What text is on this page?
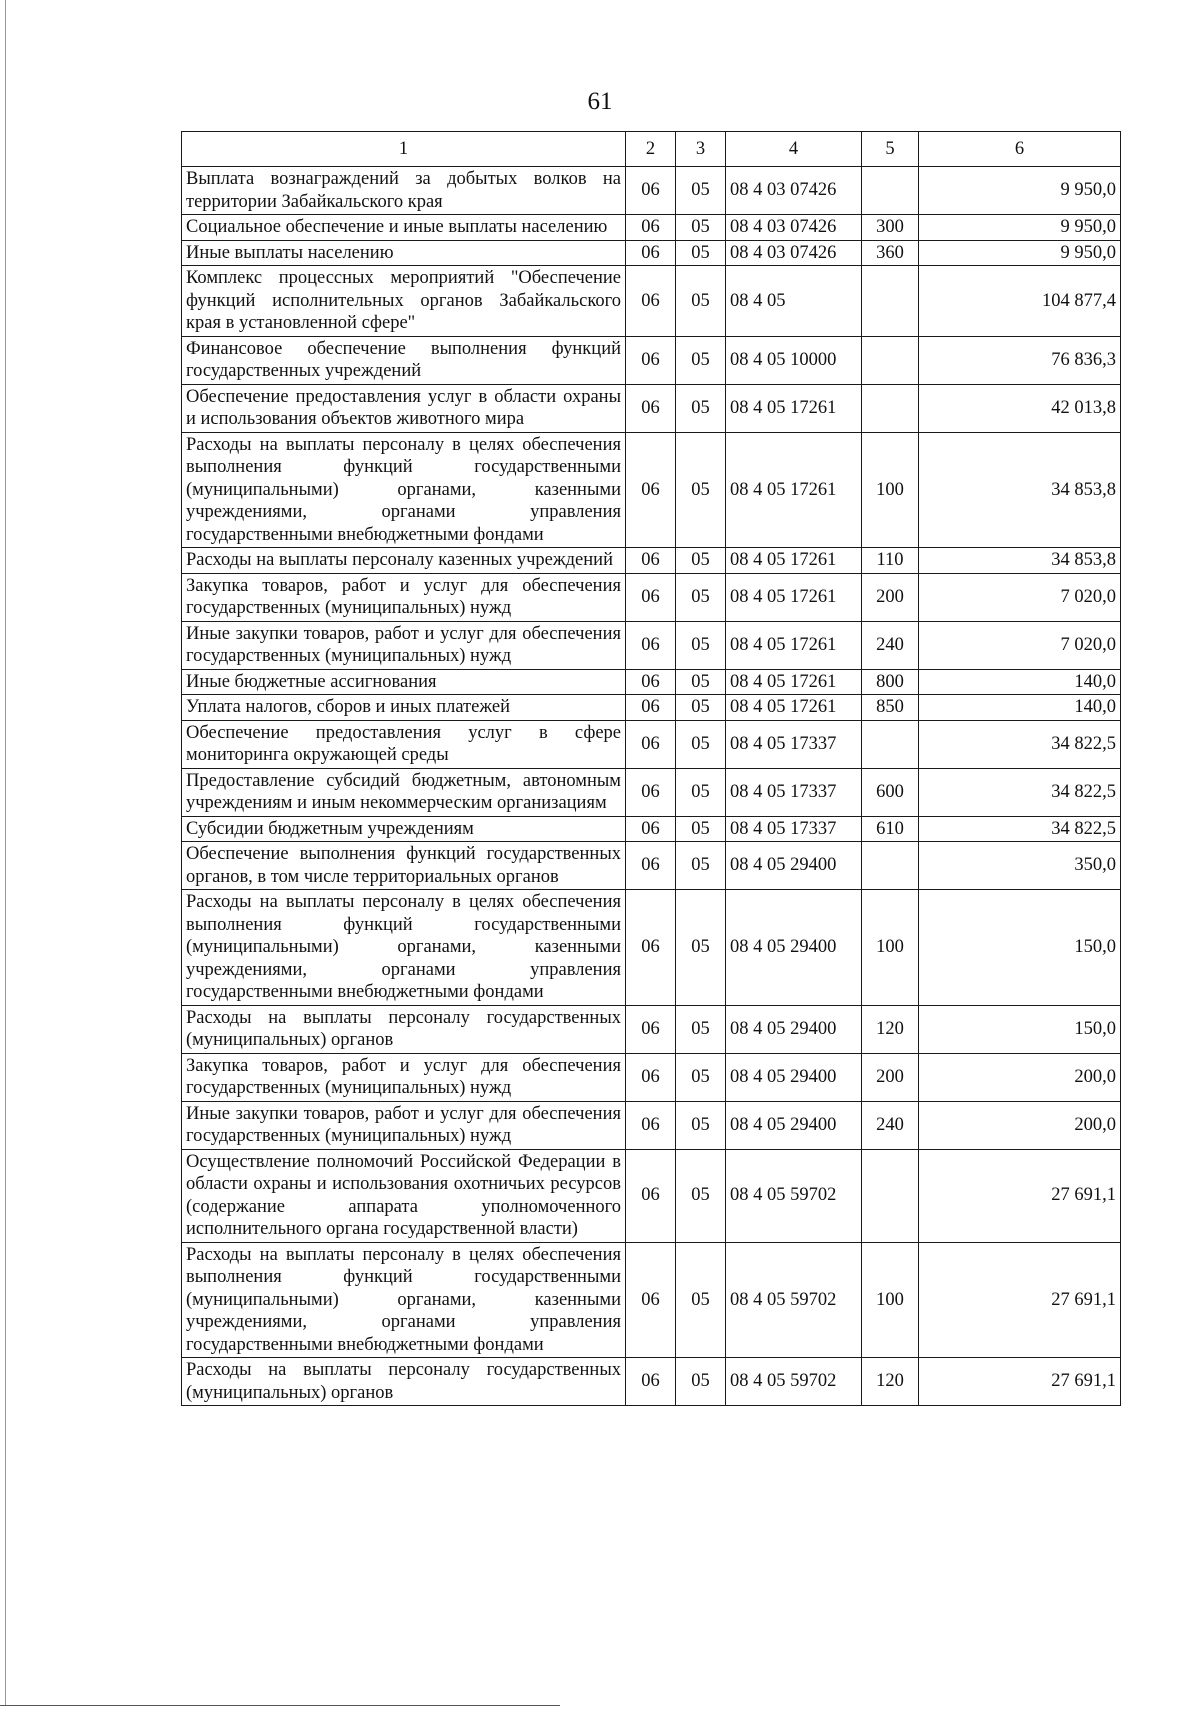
61
1	2	3	4	5	6
Выплата вознаграждений за добытых волков на территории Забайкальского края	06	05	08 4 03 07426		9 950,0
Социальное обеспечение и иные выплаты населению	06	05	08 4 03 07426	300	9 950,0
Иные выплаты населению	06	05	08 4 03 07426	360	9 950,0
Комплекс процессных мероприятий "Обеспечение функций исполнительных органов Забайкальского края в установленной сфере"	06	05	08 4 05		104 877,4
Финансовое обеспечение выполнения функций государственных учреждений	06	05	08 4 05 10000		76 836,3
Обеспечение предоставления услуг в области охраны и использования объектов животного мира	06	05	08 4 05 17261		42 013,8
Расходы на выплаты персоналу в целях обеспечения выполнения функций государственными (муниципальными) органами, казенными учреждениями, органами управления государственными внебюджетными фондами	06	05	08 4 05 17261	100	34 853,8
Расходы на выплаты персоналу казенных учреждений	06	05	08 4 05 17261	110	34 853,8
Закупка товаров, работ и услуг для обеспечения государственных (муниципальных) нужд	06	05	08 4 05 17261	200	7 020,0
Иные закупки товаров, работ и услуг для обеспечения государственных (муниципальных) нужд	06	05	08 4 05 17261	240	7 020,0
Иные бюджетные ассигнования	06	05	08 4 05 17261	800	140,0
Уплата налогов, сборов и иных платежей	06	05	08 4 05 17261	850	140,0
Обеспечение предоставления услуг в сфере мониторинга окружающей среды	06	05	08 4 05 17337		34 822,5
Предоставление субсидий бюджетным, автономным учреждениям и иным некоммерческим организациям	06	05	08 4 05 17337	600	34 822,5
Субсидии бюджетным учреждениям	06	05	08 4 05 17337	610	34 822,5
Обеспечение выполнения функций государственных органов, в том числе территориальных органов	06	05	08 4 05 29400		350,0
Расходы на выплаты персоналу в целях обеспечения выполнения функций государственными (муниципальными) органами, казенными учреждениями, органами управления государственными внебюджетными фондами	06	05	08 4 05 29400	100	150,0
Расходы на выплаты персоналу государственных (муниципальных) органов	06	05	08 4 05 29400	120	150,0
Закупка товаров, работ и услуг для обеспечения государственных (муниципальных) нужд	06	05	08 4 05 29400	200	200,0
Иные закупки товаров, работ и услуг для обеспечения государственных (муниципальных) нужд	06	05	08 4 05 29400	240	200,0
Осуществление полномочий Российской Федерации в области охраны и использования охотничьих ресурсов (содержание аппарата уполномоченного исполнительного органа государственной власти)	06	05	08 4 05 59702		27 691,1
Расходы на выплаты персоналу в целях обеспечения выполнения функций государственными (муниципальными) органами, казенными учреждениями, органами управления государственными внебюджетными фондами	06	05	08 4 05 59702	100	27 691,1
Расходы на выплаты персоналу государственных (муниципальных) органов	06	05	08 4 05 59702	120	27 691,1
